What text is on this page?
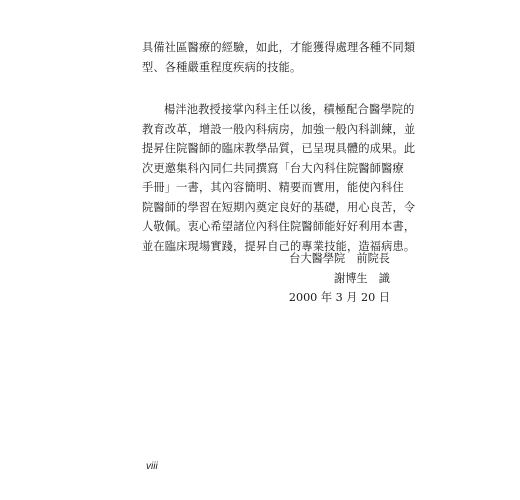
具備社區醫療的經驗，如此，才能獲得處理各種不同類
型、各種嚴重程度疾病的技能。

楊泮池教授接掌內科主任以後，積極配合醫學院的
教育改革，增設一般內科病房，加強一般內科訓練，並
提昇住院醫師的臨床教學品質，已呈現具體的成果。此
次更邀集科內同仁共同撰寫「台大內科住院醫師醫療
手冊」一書，其內容簡明、精要而實用，能使內科住
院醫師的學習在短期內奠定良好的基礎，用心良苦，令
人敬佩。衷心希望諸位內科住院醫師能好好利用本書，
並在臨床現場實踐，提昇自己的專業技能，造福病患。

台大醫學院　前院長
謝博生　識
2000 年 3 月 20 日
viii
